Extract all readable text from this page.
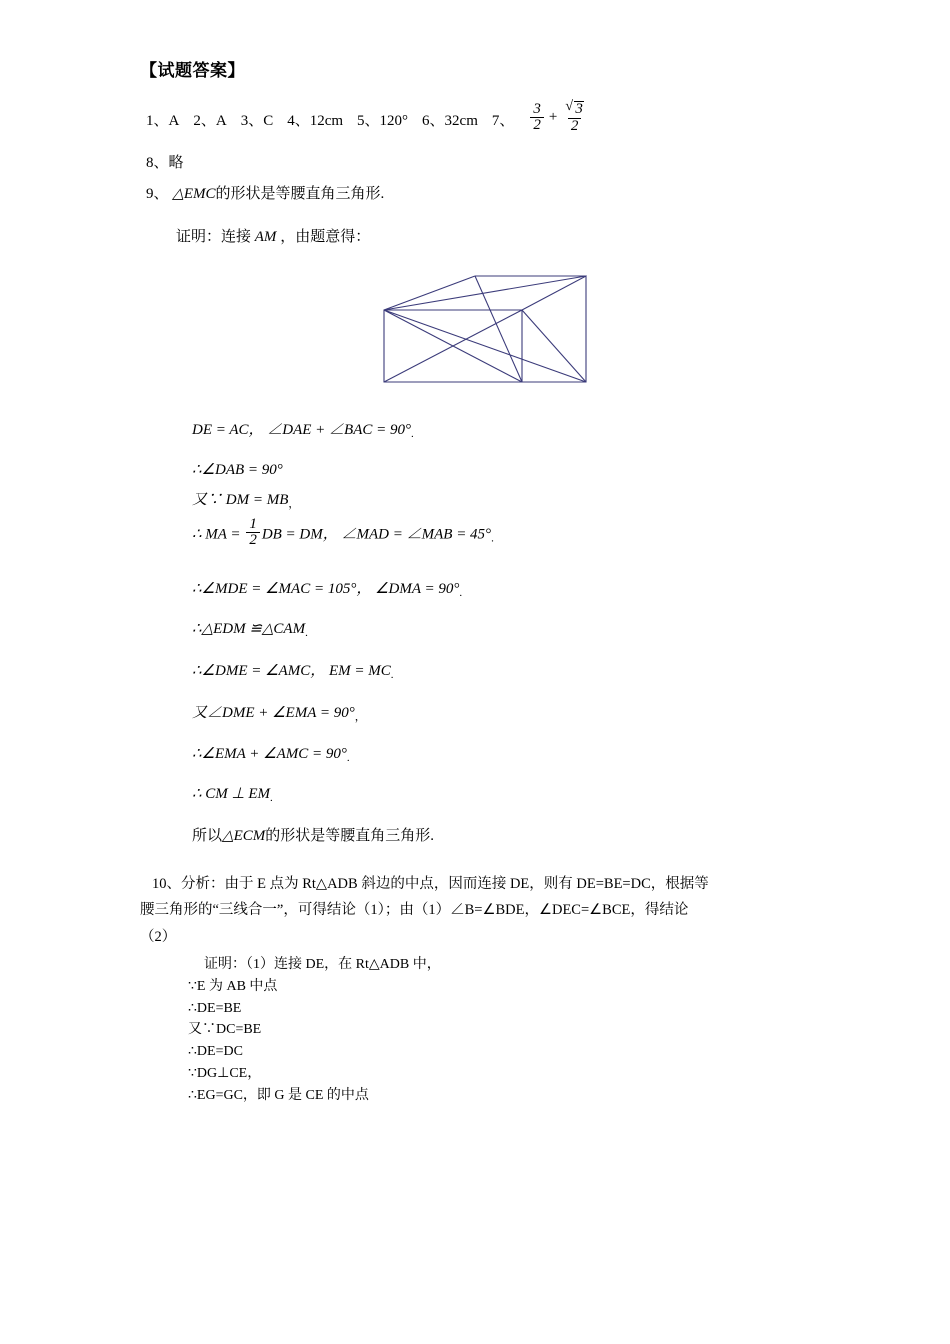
【试题答案】
1、A 2、A 3、C 4、12cm 5、120° 6、32cm 7、 $\frac{3}{2}$ + √ $\frac{3}{2}$

8、略

9、 △EMC的形状是等腰直角三角形.

证明：连接 AM ，由题意得：

DE = AC， ∠DAE + ∠BAC = $90^\circ_.$

∴∠DAB = 90°

又∵ DM = $MB_,$

∴ MA = $\frac{1}{2}$ DB = DM， ∠MAD = ∠MAB = $45^\circ_.$

∴∠MDE = ∠MAC = 105°， ∠DMA = $90^\circ_.$

∴△EDM $≌\triangle CAM_.$

∴∠DME = ∠AMC， EM = $MC_.$

又∠DME + ∠EMA = $90^\circ_,$

∴∠EMA + ∠AMC = $90^\circ_.$

∴ CM ⊥ $EM_.$

所以△ECM的形状是等腰直角三角形.

10、分析：由于 E 点为 Rt△ADB 斜边的中点，因而连接 DE，则有 DE=BE=DC，根据等

腰三角形的“三线合一”，可得结论（1）；由（1）∠B=∠BDE，∠DEC=∠BCE，得结论

（2）

证明：（1）连接 DE，在 Rt△ADB 中，

∵E 为 AB 中点

∴DE=BE

又∵DC=BE

∴DE=DC

∵DG⊥CE，

∴EG=GC，即 G 是 CE 的中点
